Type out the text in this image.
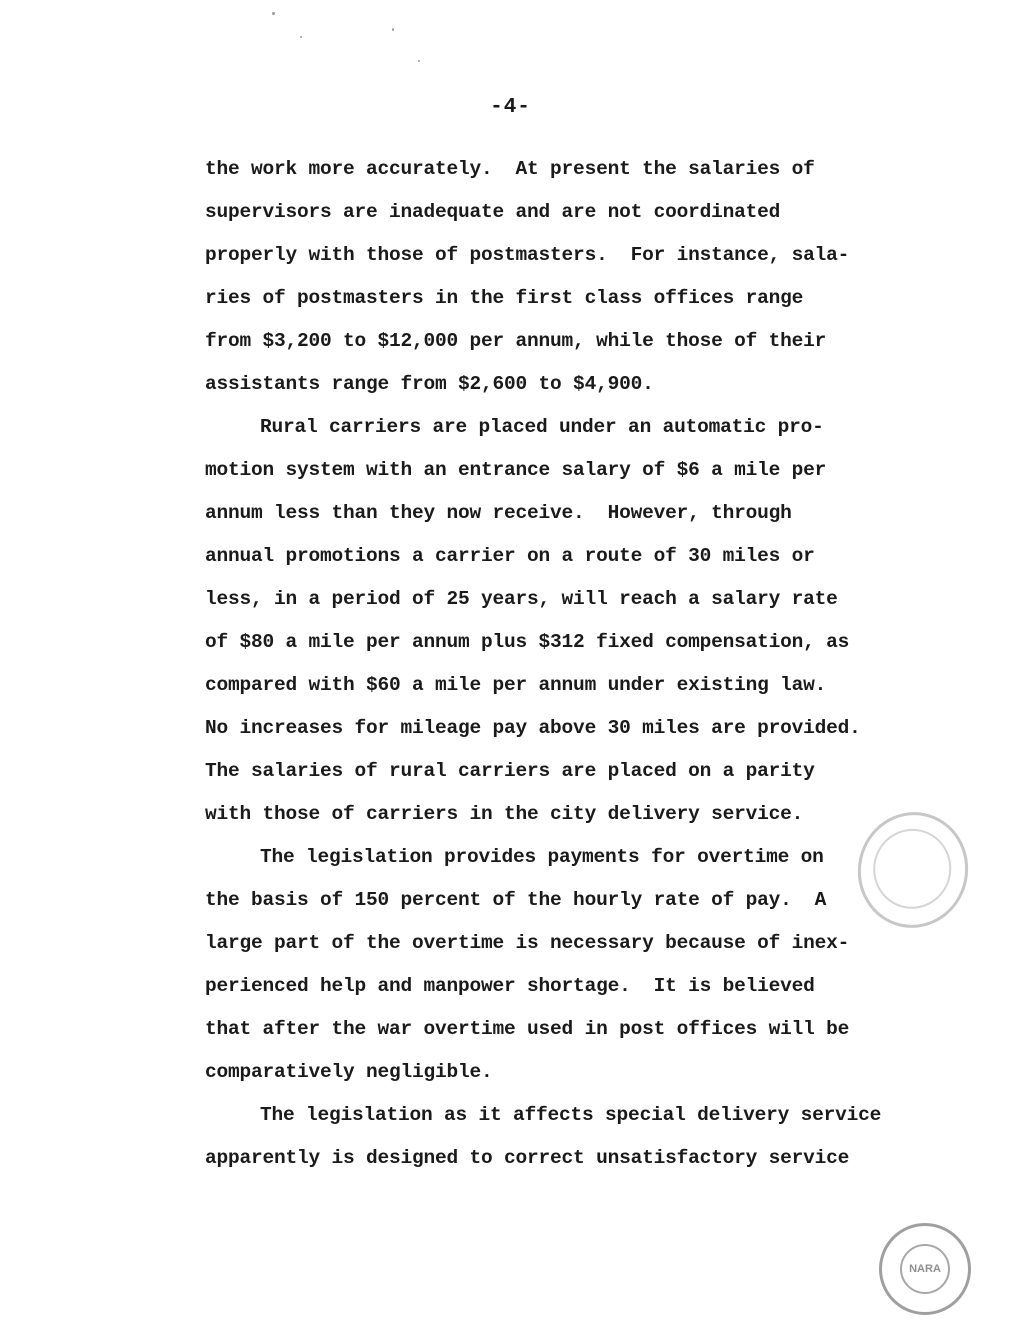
-4-
the work more accurately.  At present the salaries of
supervisors are inadequate and are not coordinated
properly with those of postmasters.  For instance, sala-
ries of postmasters in the first class offices range
from $3,200 to $12,000 per annum, while those of their
assistants range from $2,600 to $4,900.
Rural carriers are placed under an automatic pro-
motion system with an entrance salary of $6 a mile per
annum less than they now receive.  However, through
annual promotions a carrier on a route of 30 miles or
less, in a period of 25 years, will reach a salary rate
of $80 a mile per annum plus $312 fixed compensation, as
compared with $60 a mile per annum under existing law.
No increases for mileage pay above 30 miles are provided.
The salaries of rural carriers are placed on a parity
with those of carriers in the city delivery service.
The legislation provides payments for overtime on
the basis of 150 percent of the hourly rate of pay.  A
large part of the overtime is necessary because of inex-
perienced help and manpower shortage.  It is believed
that after the war overtime used in post offices will be
comparatively negligible.
The legislation as it affects special delivery service
apparently is designed to correct unsatisfactory service
NARA
